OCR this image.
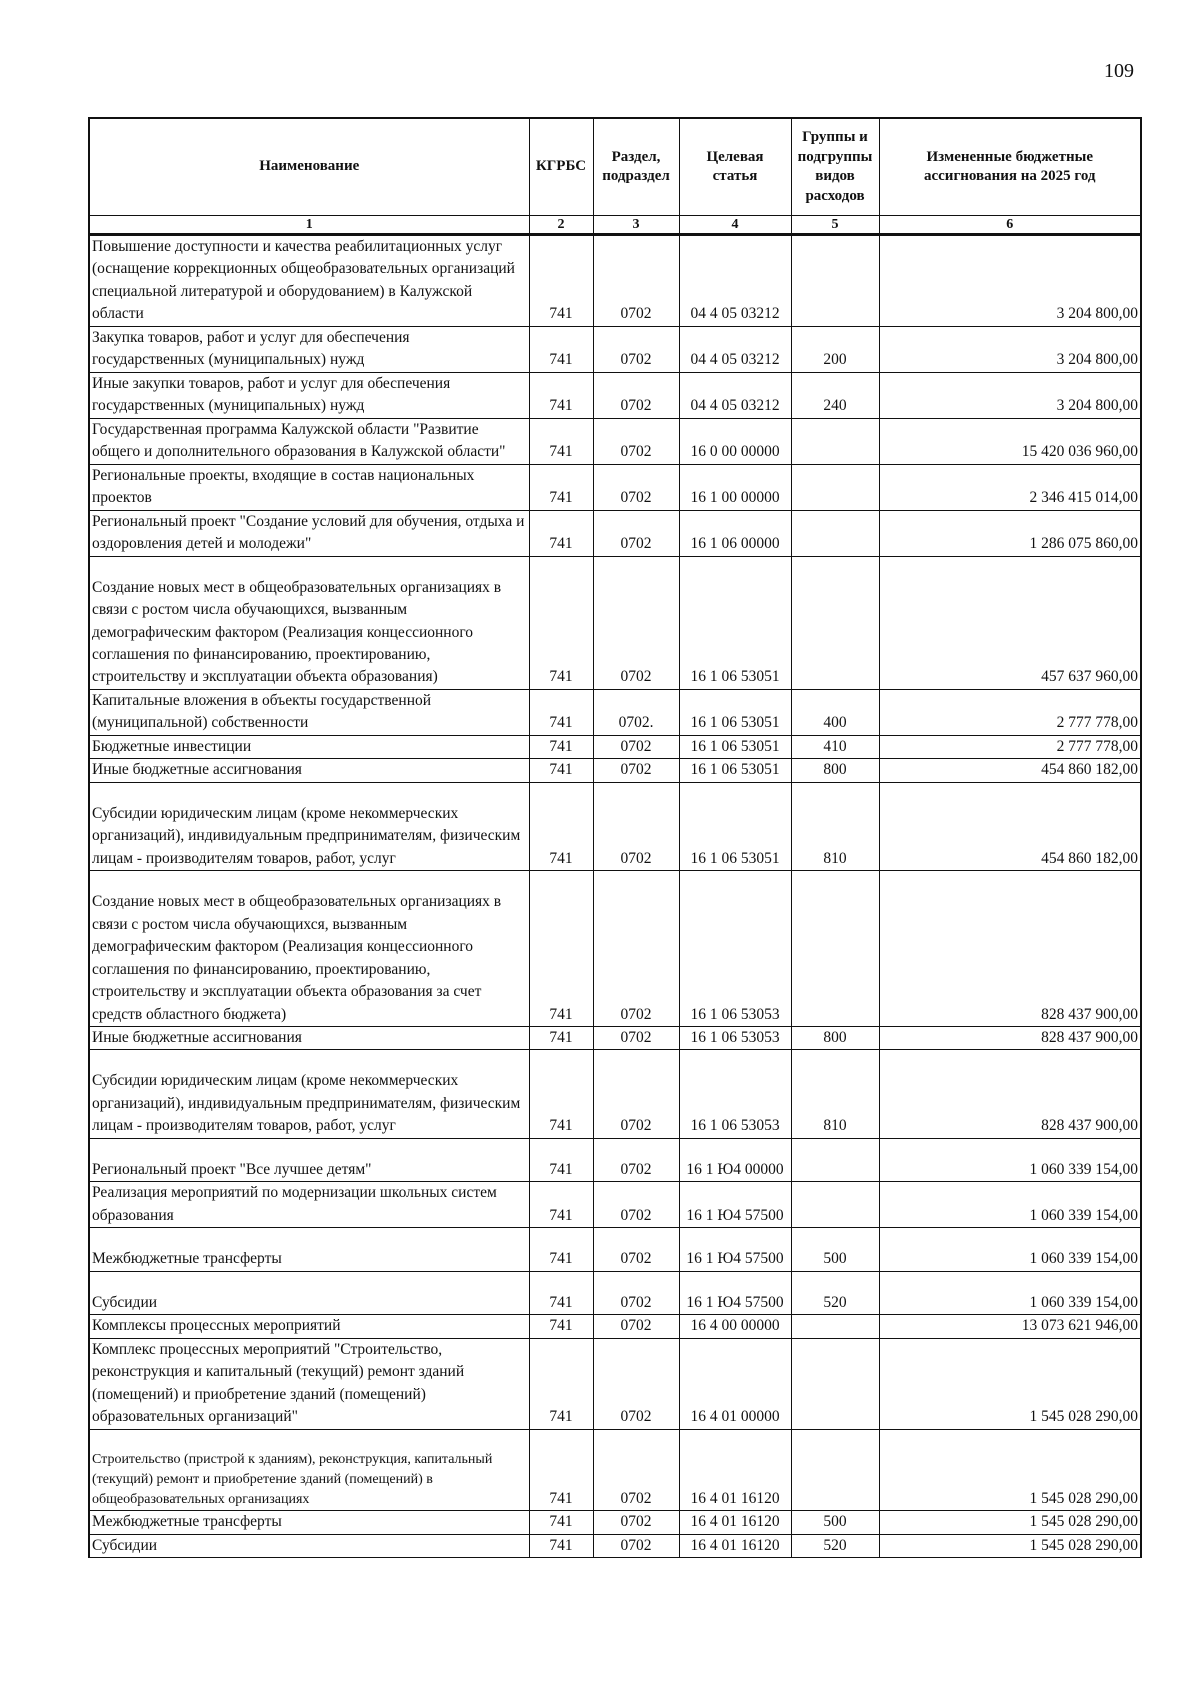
109
Наименование	КГРБС	Раздел, подраздел	Целевая статья	Группы и подгруппы видов расходов	Измененные бюджетные ассигнования на 2025 год
1	2	3	4	5	6
Повышение доступности и качества реабилитационных услуг (оснащение коррекционных общеобразовательных организаций специальной литературой и оборудованием) в Калужской области	741	0702	04 4 05 03212		3 204 800,00
Закупка товаров, работ и услуг для обеспечения государственных (муниципальных) нужд	741	0702	04 4 05 03212	200	3 204 800,00
Иные закупки товаров, работ и услуг для обеспечения государственных (муниципальных) нужд	741	0702	04 4 05 03212	240	3 204 800,00
Государственная программа Калужской области "Развитие общего и дополнительного образования в Калужской области"	741	0702	16 0 00 00000		15 420 036 960,00
Региональные проекты, входящие в состав национальных проектов	741	0702	16 1 00 00000		2 346 415 014,00
Региональный проект "Создание условий для обучения, отдыха и оздоровления детей и молодежи"	741	0702	16 1 06 00000		1 286 075 860,00
Создание новых мест в общеобразовательных организациях в связи с ростом числа обучающихся, вызванным демографическим фактором (Реализация концессионного соглашения по финансированию, проектированию, строительству и эксплуатации объекта образования)	741	0702	16 1 06 53051		457 637 960,00
Капитальные вложения в объекты государственной (муниципальной) собственности	741	0702.	16 1 06 53051	400	2 777 778,00
Бюджетные инвестиции	741	0702	16 1 06 53051	410	2 777 778,00
Иные бюджетные ассигнования	741	0702	16 1 06 53051	800	454 860 182,00
Субсидии юридическим лицам (кроме некоммерческих организаций), индивидуальным предпринимателям, физическим лицам - производителям товаров, работ, услуг	741	0702	16 1 06 53051	810	454 860 182,00
Создание новых мест в общеобразовательных организациях в связи с ростом числа обучающихся, вызванным демографическим фактором (Реализация концессионного соглашения по финансированию, проектированию, строительству и эксплуатации объекта образования за счет средств областного бюджета)	741	0702	16 1 06 53053		828 437 900,00
Иные бюджетные ассигнования	741	0702	16 1 06 53053	800	828 437 900,00
Субсидии юридическим лицам (кроме некоммерческих организаций), индивидуальным предпринимателям, физическим лицам - производителям товаров, работ, услуг	741	0702	16 1 06 53053	810	828 437 900,00
Региональный проект "Все лучшее детям"	741	0702	16 1 Ю4 00000		1 060 339 154,00
Реализация мероприятий по модернизации школьных систем образования	741	0702	16 1 Ю4 57500		1 060 339 154,00
Межбюджетные трансферты	741	0702	16 1 Ю4 57500	500	1 060 339 154,00
Субсидии	741	0702	16 1 Ю4 57500	520	1 060 339 154,00
Комплексы процессных мероприятий	741	0702	16 4 00 00000		13 073 621 946,00
Комплекс процессных мероприятий "Строительство, реконструкция и капитальный (текущий) ремонт зданий (помещений) и приобретение зданий (помещений) образовательных организаций"	741	0702	16 4 01 00000		1 545 028 290,00
Строительство (пристрой к зданиям), реконструкция, капитальный (текущий) ремонт и приобретение зданий (помещений) в общеобразовательных организациях	741	0702	16 4 01 16120		1 545 028 290,00
Межбюджетные трансферты	741	0702	16 4 01 16120	500	1 545 028 290,00
Субсидии	741	0702	16 4 01 16120	520	1 545 028 290,00
